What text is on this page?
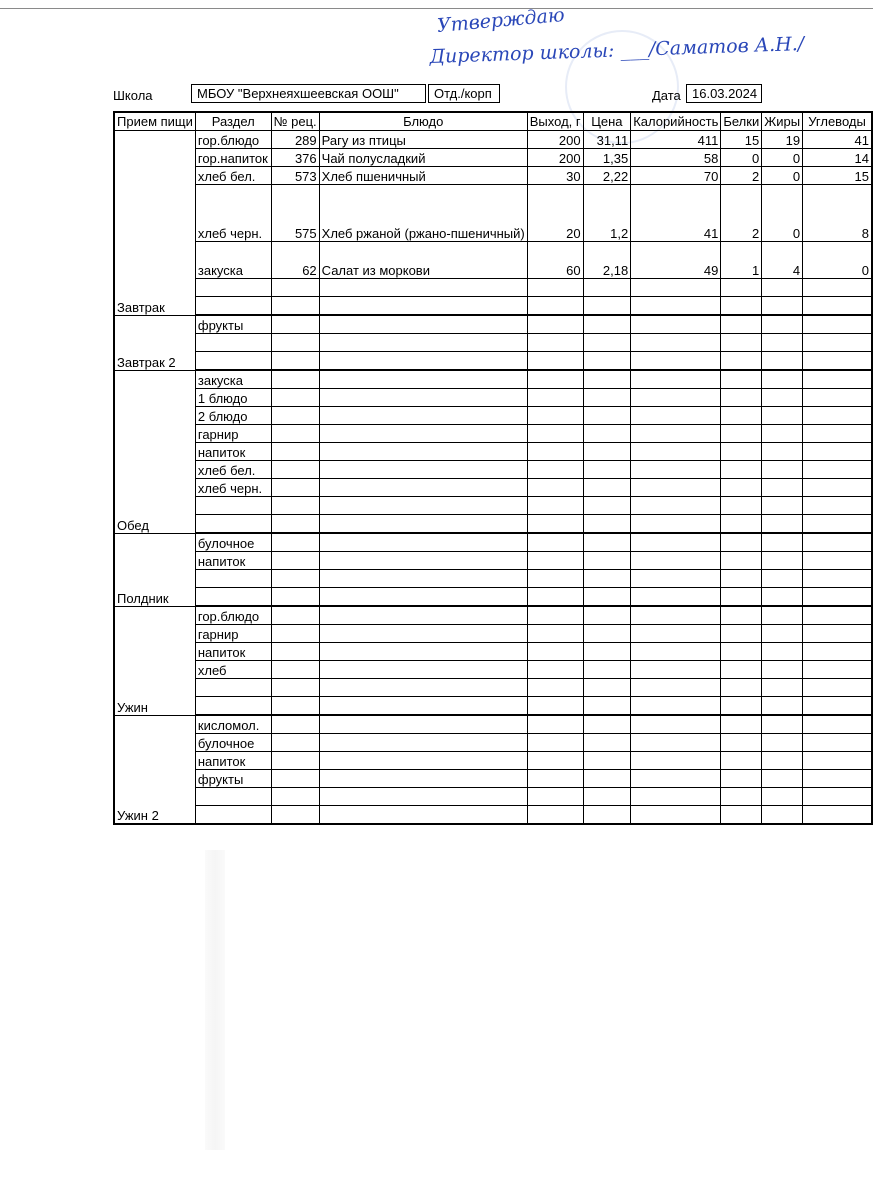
Утверждаю
Директор школы: ___/Саматов А.Н./
Школа	МБОУ "Верхнеяхшеевская ООШ"	Отд./корп	Дата 16.03.2024
Прием пищи	Раздел	№ рец.	Блюдо	Выход, г	Цена	Калорийность	Белки	Жиры	Углеводы
Завтрак	гор.блюдо	289	Рагу из птицы	200	31,11	411	15	19	41
	гор.напиток	376	Чай полусладкий	200	1,35	58	0	0	14
	хлеб бел.	573	Хлеб пшеничный	30	2,22	70	2	0	15
	хлеб черн.	575	Хлеб ржаной (ржано-пшеничный)	20	1,2	41	2	0	8
	закуска	62	Салат из моркови	60	2,18	49	1	4	0

Завтрак 2	фрукты								

Обед	закуска								
	1 блюдо								
	2 блюдо								
	гарнир								
	напиток								
	хлеб бел.								
	хлеб черн.								

Полдник	булочное								
	напиток								

Ужин	гор.блюдо								
	гарнир								
	напиток								
	хлеб								

Ужин 2	кисломол.								
	булочное								
	напиток								
	фрукты								
